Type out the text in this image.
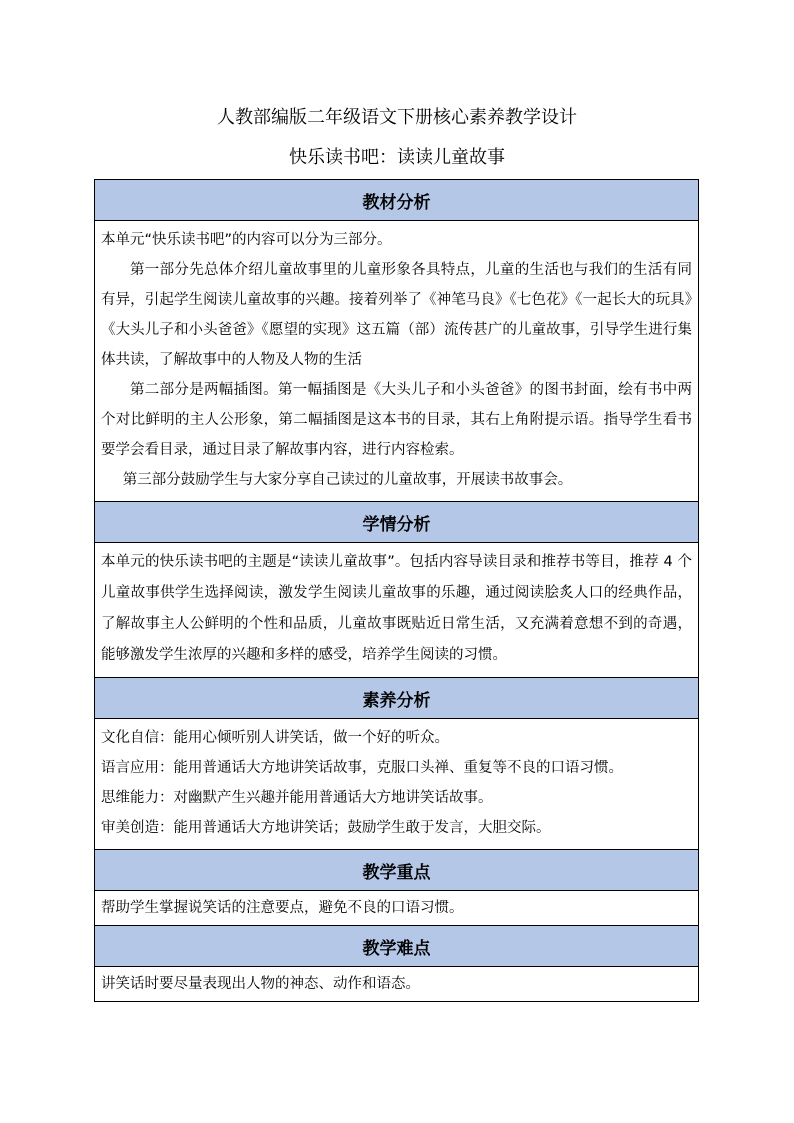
人教部编版二年级语文下册核心素养教学设计
快乐读书吧：读读儿童故事
教材分析

本单元“快乐读书吧”的内容可以分为三部分。

第一部分先总体介绍儿童故事里的儿童形象各具特点，儿童的生活也与我们的生活有同有异，引起学生阅读儿童故事的兴趣。接着列举了《神笔马良》《七色花》《一起长大的玩具》《大头儿子和小头爸爸》《愿望的实现》这五篇（部）流传甚广的儿童故事，引导学生进行集体共读，了解故事中的人物及人物的生活

第二部分是两幅插图。第一幅插图是《大头儿子和小头爸爸》的图书封面，绘有书中两个对比鲜明的主人公形象，第二幅插图是这本书的目录，其右上角附提示语。指导学生看书要学会看目录，通过目录了解故事内容，进行内容检索。

第三部分鼓励学生与大家分享自己读过的儿童故事，开展读书故事会。

学情分析

本单元的快乐读书吧的主题是“读读儿童故事”。包括内容导读目录和推荐书等目，推荐 4 个儿童故事供学生选择阅读，激发学生阅读儿童故事的乐趣，通过阅读脍炙人口的经典作品，了解故事主人公鲜明的个性和品质，儿童故事既贴近日常生活，又充满着意想不到的奇遇，能够激发学生浓厚的兴趣和多样的感受，培养学生阅读的习惯。

素养分析

文化自信：能用心倾听别人讲笑话，做一个好的听众。

语言应用：能用普通话大方地讲笑话故事，克服口头禅、重复等不良的口语习惯。

思维能力：对幽默产生兴趣并能用普通话大方地讲笑话故事。

审美创造：能用普通话大方地讲笑话；鼓励学生敢于发言，大胆交际。

教学重点

帮助学生掌握说笑话的注意要点，避免不良的口语习惯。

教学难点

讲笑话时要尽量表现出人物的神态、动作和语态。
